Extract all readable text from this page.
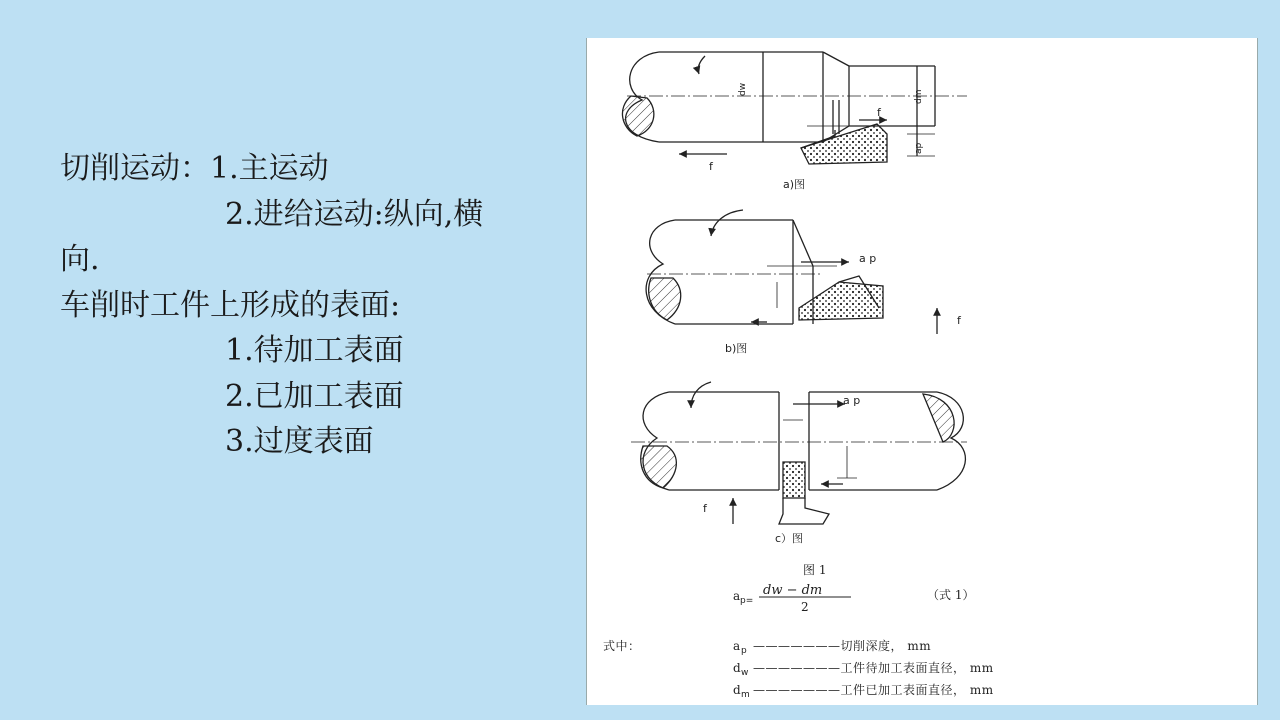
切削运动：1.主运动
2.进给运动:纵向,横
向.
车削时工件上形成的表面:
1.待加工表面
2.已加工表面
3.过度表面
dw
dm
ap
f
f
a)图
a p
f
b)图
a p
f
c）图
图 1
a p=
dw − dm
2
（式 1）
式中：	a p ———————切削深度， mm
d w ———————工件待加工表面直径， mm
d m ———————工件已加工表面直径， mm
